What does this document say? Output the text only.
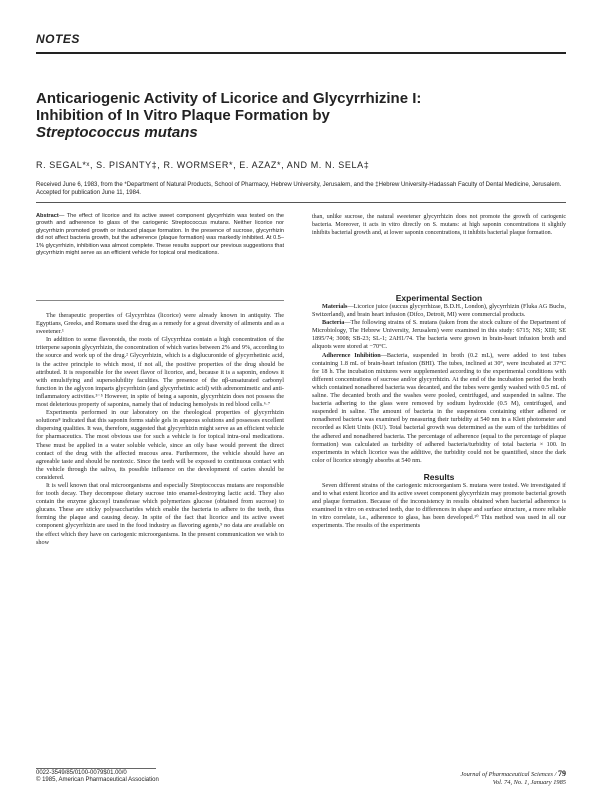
NOTES
Anticariogenic Activity of Licorice and Glycyrrhizine I:
Inhibition of In Vitro Plaque Formation by
Streptococcus mutans
R. SEGAL*ˣ, S. PISANTY‡, R. WORMSER*, E. AZAZ*, AND M. N. SELA‡
Received June 6, 1983, from the *Department of Natural Products, School of Pharmacy, Hebrew University, Jerusalem, and the ‡Hebrew University-Hadassah Faculty of Dental Medicine, Jerusalem. Accepted for publication June 11, 1984.

Abstract— The effect of licorice and its active sweet component glycyrrhizin was tested on the growth and adherence to glass of the cariogenic Streptococcus mutans. Neither licorice nor glycyrrhizin promoted growth or induced plaque formation. In the presence of sucrose, glycyrrhizin did not affect bacteria growth, but the adherence (plaque formation) was markedly inhibited. At 0.5–1% glycyrrhizin, inhibition was almost complete. These results support our previous suggestions that glycyrrhizin might serve as an efficient vehicle for topical oral medications.

than, unlike sucrose, the natural sweetener glycyrrhizin does not promote the growth of cariogenic bacteria. Moreover, it acts in vitro directly on S. mutans: at high saponin concentrations it slightly inhibits bacterial growth and, at lower saponin concentrations, it inhibits bacterial plaque formation.

The therapeutic properties of Glycyrrhiza (licorice) were already known in antiquity. The Egyptians, Greeks, and Romans used the drug as a remedy for a great diversity of ailments and as a sweetener.¹

In addition to some flavonoids, the roots of Glycyrrhiza contain a high concentration of the triterpene saponin glycyrrhizin, the concentration of which varies between 2% and 9%, according to the source and work up of the drug.² Glycyrrhizin, which is a diglucuronide of glycyrrhetinic acid, is the active principle to which most, if not all, the positive properties of the drug should be attributed. It is responsible for the sweet flavor of licorice, and, because it is a saponin, endows it with emulsifying and supersolubility faculties. The presence of the αβ-unsaturated carbonyl function in the aglycon imparts glycyrrhizin (and glycyrrhetinic acid) with adrenomimetic and anti-inflammatory activities.³⁻⁵ However, in spite of being a saponin, glycyrrhizin does not possess the most deleterious property of saponins, namely that of inducing hemolysis in red blood cells.⁶·⁷

Experiments performed in our laboratory on the rheological properties of glycyrrhizin solutions⁸ indicated that this saponin forms stable gels in aqueous solutions and possesses excellent dispersing qualities. It was, therefore, suggested that glycyrrhizin might serve as an efficient vehicle for pharmaceutics. The most obvious use for such a vehicle is for topical intra-oral medications. These must be applied in a water soluble vehicle, since an oily base would prevent the direct contact of the drug with the affected mucous area. Furthermore, the vehicle should have an agreeable taste and should be nontoxic. Since the teeth will be exposed to continuous contact with the vehicle through the saliva, its possible influence on the development of caries should be considered.

It is well known that oral microorganisms and especially Streptococcus mutans are responsible for tooth decay. They decompose dietary sucrose into enamel-destroying lactic acid. They also contain the enzyme glucosyl transferase which polymerizes glucose (obtained from sucrose) to glucans. These are sticky polysaccharides which enable the bacteria to adhere to the teeth, thus forming the plaque and causing decay. In spite of the fact that licorice and its active sweet component glycyrrhizin are used in the food industry as flavoring agents,⁹ no data are available on the effect which they have on cariogenic microorganisms. In the present communication we wish to show

Experimental Section

Materials—Licorice juice (succus glycyrrhizae, B.D.H., London), glycyrrhizin (Fluka AG Buchs, Switzerland), and brain heart infusion (Difco, Detroit, MI) were commercial products.

Bacteria—The following strains of S. mutans (taken from the stock culture of the Department of Microbiology, The Hebrew University, Jerusalem) were examined in this study: 6715; NS; XIII; SE 1895/74; 3008; SB-23; SL-1; 2AH1/74. The bacteria were grown in brain-heart infusion broth and aliquots were stored at −70°C.

Adherence Inhibition—Bacteria, suspended in broth (0.2 mL), were added to test tubes containing 1.8 mL of brain-heart infusion (BHI). The tubes, inclined at 30°, were incubated at 37°C for 18 h. The incubation mixtures were supplemented according to the experimental conditions with different concentrations of sucrose and/or glycyrrhizin. At the end of the incubation period the broth which contained nonadhered bacteria was decanted, and the tubes were gently washed with 0.5 mL of saline. The decanted broth and the washes were pooled, centrifuged, and suspended in saline. The bacteria adhering to the glass were removed by sodium hydroxide (0.5 M), centrifuged, and suspended in saline. The amount of bacteria in the suspensions containing either adhered or nonadhered bacteria was examined by measuring their turbidity at 540 nm in a Klett photometer and recorded as Klett Units (KU). Total bacterial growth was determined as the sum of the turbidities of the adhered and nonadhered bacteria. The percentage of adherence (equal to the percentage of plaque formation) was calculated as turbidity of adhered bacteria/turbidity of total bacteria × 100. In experiments in which licorice was the additive, the turbidity could not be quantified, since the dark color of licorice strongly absorbs at 540 nm.

Results

Seven different strains of the cariogenic microorganism S. mutans were tested. We investigated if and to what extent licorice and its active sweet component glycyrrhizin may promote bacterial growth and plaque formation. Because of the inconsistency in results obtained when bacterial adherence is examined in vitro on extracted teeth, due to differences in shape and surface structure, a more reliable in vitro correlate, i.e., adherence to glass, has been developed.¹⁰ This method was used in all our experiments. The results of the experiments

0022-3549/85/0100-0079$01.00/0
© 1985, American Pharmaceutical Association
Journal of Pharmaceutical Sciences / 79
Vol. 74, No. 1, January 1985
